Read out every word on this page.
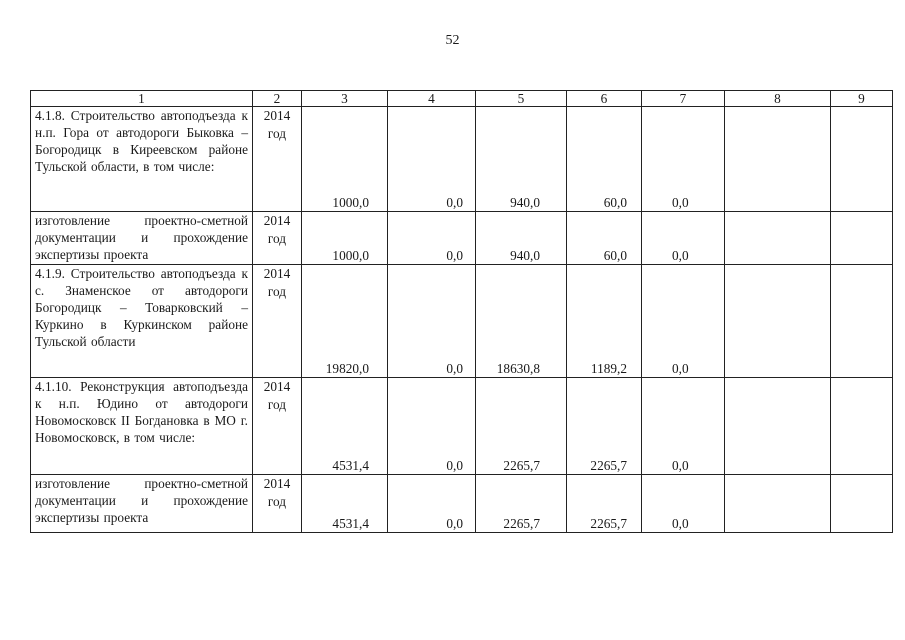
52
1	2	3	4	5	6	7	8	9
4.1.8. Строительство автоподъезда к н.п. Гора от автодороги Быковка – Богородицк в Киреевском районе Тульской области, в том числе:	2014 год	1000,0	0,0	940,0	60,0	0,0		
изготовление проектно-сметной документации и прохождение экспертизы проекта	2014 год	1000,0	0,0	940,0	60,0	0,0		
4.1.9. Строительство автоподъезда к с. Знаменское от автодороги Богородицк – Товарковский – Куркино в Куркинском районе Тульской области	2014 год	19820,0	0,0	18630,8	1189,2	0,0		
4.1.10. Реконструкция автоподъезда к н.п. Юдино от автодороги Новомосковск II Богдановка в МО г. Новомосковск, в том числе:	2014 год	4531,4	0,0	2265,7	2265,7	0,0		
изготовление проектно-сметной документации и прохождение экспертизы проекта	2014 год	4531,4	0,0	2265,7	2265,7	0,0		
